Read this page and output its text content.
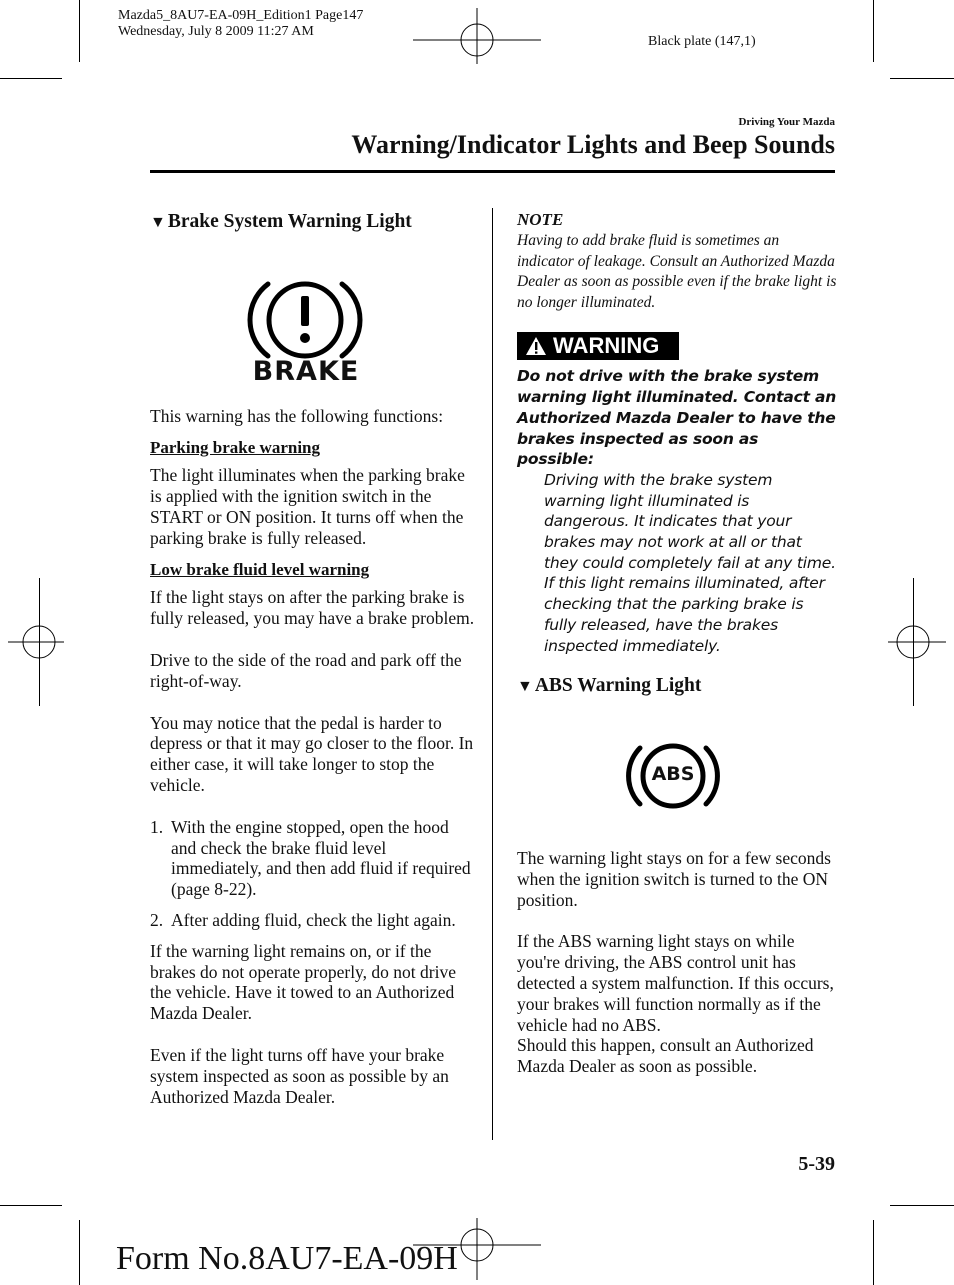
Mazda5_8AU7-EA-09H_Edition1 Page147
Wednesday, July 8 2009 11:27 AM
Black plate (147,1)
Driving Your Mazda
Warning/Indicator Lights and Beep Sounds
▼ Brake System Warning Light
BRAKE

This warning has the following functions:

Parking brake warning

The light illuminates when the parking brake is applied with the ignition switch in the START or ON position. It turns off when the parking brake is fully released.

Low brake fluid level warning

If the light stays on after the parking brake is fully released, you may have a brake problem.

Drive to the side of the road and park off the right-of-way.

You may notice that the pedal is harder to depress or that it may go closer to the floor. In either case, it will take longer to stop the vehicle.

1. With the engine stopped, open the hood and check the brake fluid level immediately, and then add fluid if required (page 8-22).
2. After adding fluid, check the light again.

If the warning light remains on, or if the brakes do not operate properly, do not drive the vehicle. Have it towed to an Authorized Mazda Dealer.

Even if the light turns off have your brake system inspected as soon as possible by an Authorized Mazda Dealer.

NOTE

Having to add brake fluid is sometimes an indicator of leakage. Consult an Authorized Mazda Dealer as soon as possible even if the brake light is no longer illuminated.

WARNING

Do not drive with the brake system warning light illuminated. Contact an Authorized Mazda Dealer to have the brakes inspected as soon as possible:

Driving with the brake system warning light illuminated is dangerous. It indicates that your brakes may not work at all or that they could completely fail at any time. If this light remains illuminated, after checking that the parking brake is fully released, have the brakes inspected immediately.

▼ ABS Warning Light
ABS

The warning light stays on for a few seconds when the ignition switch is turned to the ON position.

If the ABS warning light stays on while you're driving, the ABS control unit has detected a system malfunction. If this occurs, your brakes will function normally as if the vehicle had no ABS.

Should this happen, consult an Authorized Mazda Dealer as soon as possible.

5-39
Form No.8AU7-EA-09H
